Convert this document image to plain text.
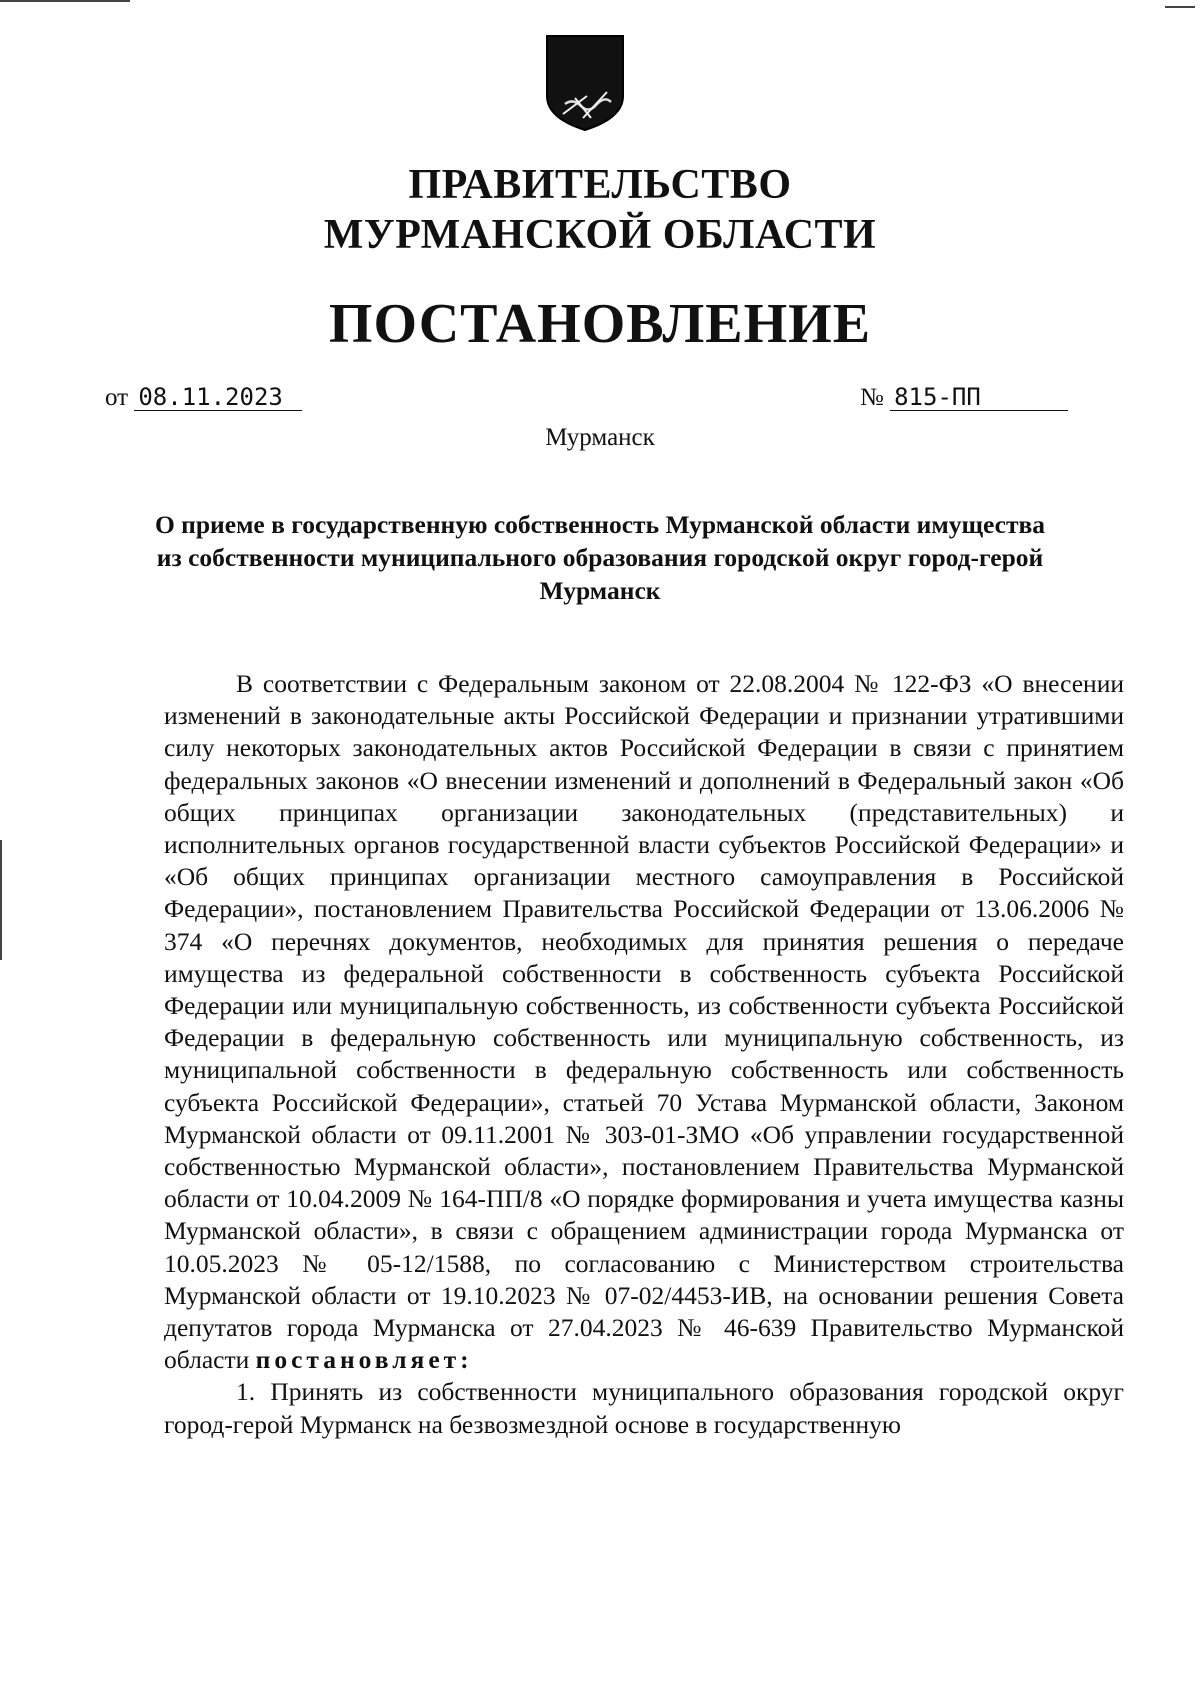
ПРАВИТЕЛЬСТВО
МУРМАНСКОЙ ОБЛАСТИ
ПОСТАНОВЛЕНИЕ
от 08.11.2023	№ 815-ПП
Мурманск
О приеме в государственную собственность Мурманской области имущества из собственности муниципального образования городской округ город-герой Мурманск

В соответствии с Федеральным законом от 22.08.2004 № 122-ФЗ «О внесении изменений в законодательные акты Российской Федерации и признании утратившими силу некоторых законодательных актов Российской Федерации в связи с принятием федеральных законов «О внесении изменений и дополнений в Федеральный закон «Об общих принципах организации законодательных (представительных) и исполнительных органов государственной власти субъектов Российской Федерации» и «Об общих принципах организации местного самоуправления в Российской Федерации», постановлением Правительства Российской Федерации от 13.06.2006 № 374 «О перечнях документов, необходимых для принятия решения о передаче имущества из федеральной собственности в собственность субъекта Российской Федерации или муниципальную собственность, из собственности субъекта Российской Федерации в федеральную собственность или муниципальную собственность, из муниципальной собственности в федеральную собственность или собственность субъекта Российской Федерации», статьей 70 Устава Мурманской области, Законом Мурманской области от 09.11.2001 № 303-01-ЗМО «Об управлении государственной собственностью Мурманской области», постановлением Правительства Мурманской области от 10.04.2009 № 164-ПП/8 «О порядке формирования и учета имущества казны Мурманской области», в связи с обращением администрации города Мурманска от 10.05.2023 № 05-12/1588, по согласованию с Министерством строительства Мурманской области от 19.10.2023 № 07-02/4453-ИВ, на основании решения Совета депутатов города Мурманска от 27.04.2023 № 46-639 Правительство Мурманской области постановляет:

1. Принять из собственности муниципального образования городской округ город-герой Мурманск на безвозмездной основе в государственную
